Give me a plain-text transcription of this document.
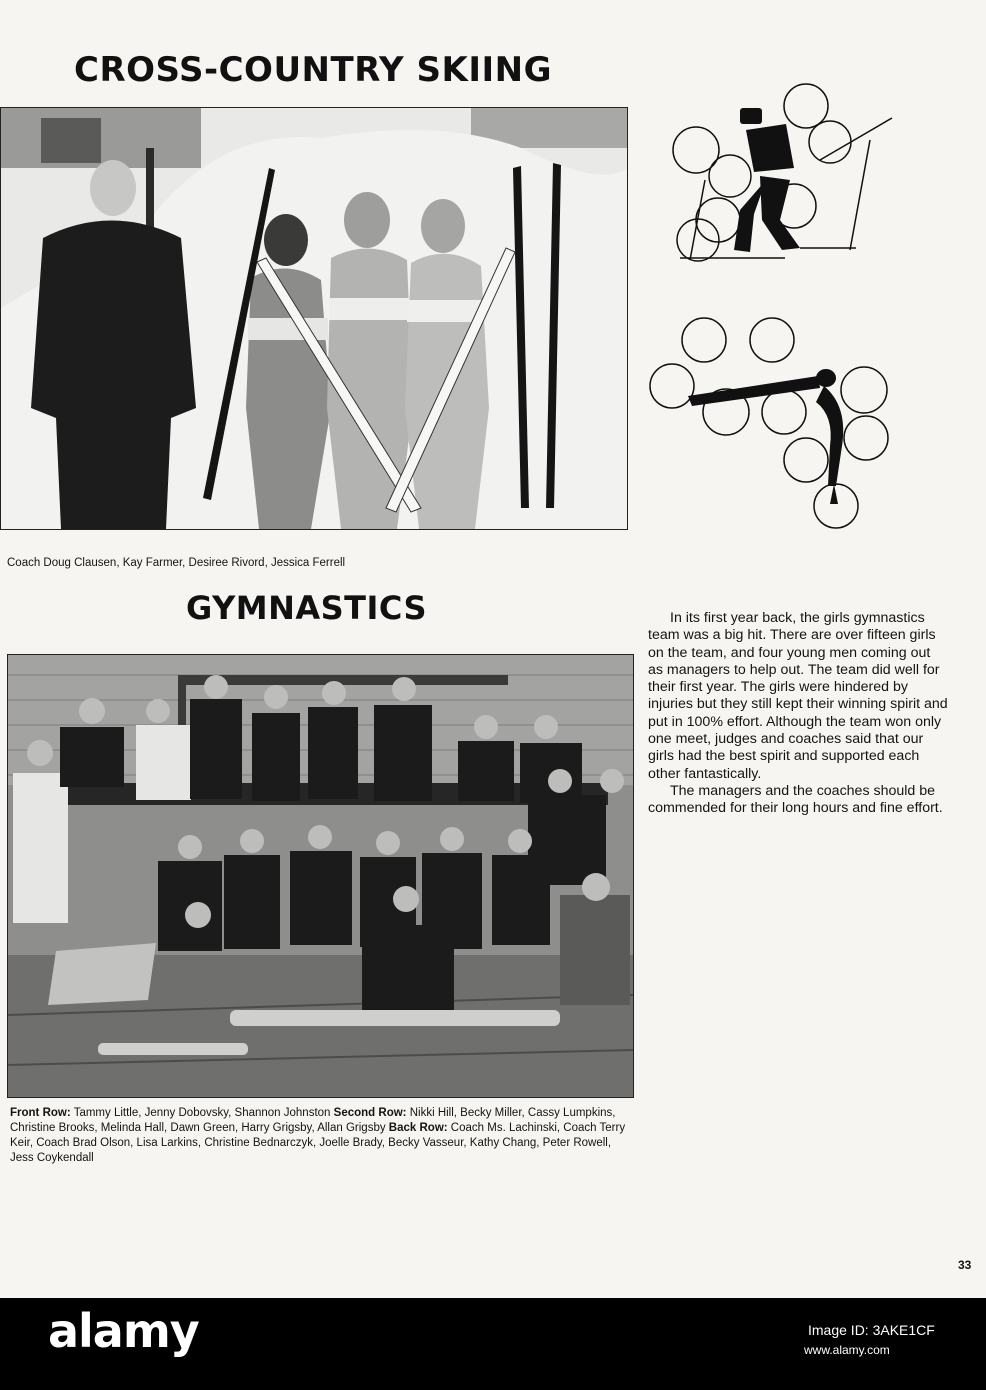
CROSS-COUNTRY SKIING
Coach Doug Clausen, Kay Farmer, Desiree Rivord, Jessica Ferrell
GYMNASTICS	In its first year back, the girls gymnastics team was a big hit. There are over fifteen girls on the team, and four young men coming out as managers to help out. The team did well for their first year. The girls were hindered by injuries but they still kept their winning spirit and put in 100% effort. Although the team won only one meet, judges and coaches said that our girls had the best spirit and supported each other fantastically.

The managers and the coaches should be commended for their long hours and fine effort.

Front Row: Tammy Little, Jenny Dobovsky, Shannon Johnston Second Row: Nikki Hill, Becky Miller, Cassy Lumpkins, Christine Brooks, Melinda Hall, Dawn Green, Harry Grigsby, Allan Grigsby Back Row: Coach Ms. Lachinski, Coach Terry Keir, Coach Brad Olson, Lisa Larkins, Christine Bednarczyk, Joelle Brady, Becky Vasseur, Kathy Chang, Peter Rowell, Jess Coykendall
33
alamy	Image ID: 3AKE1CF
www.alamy.com
